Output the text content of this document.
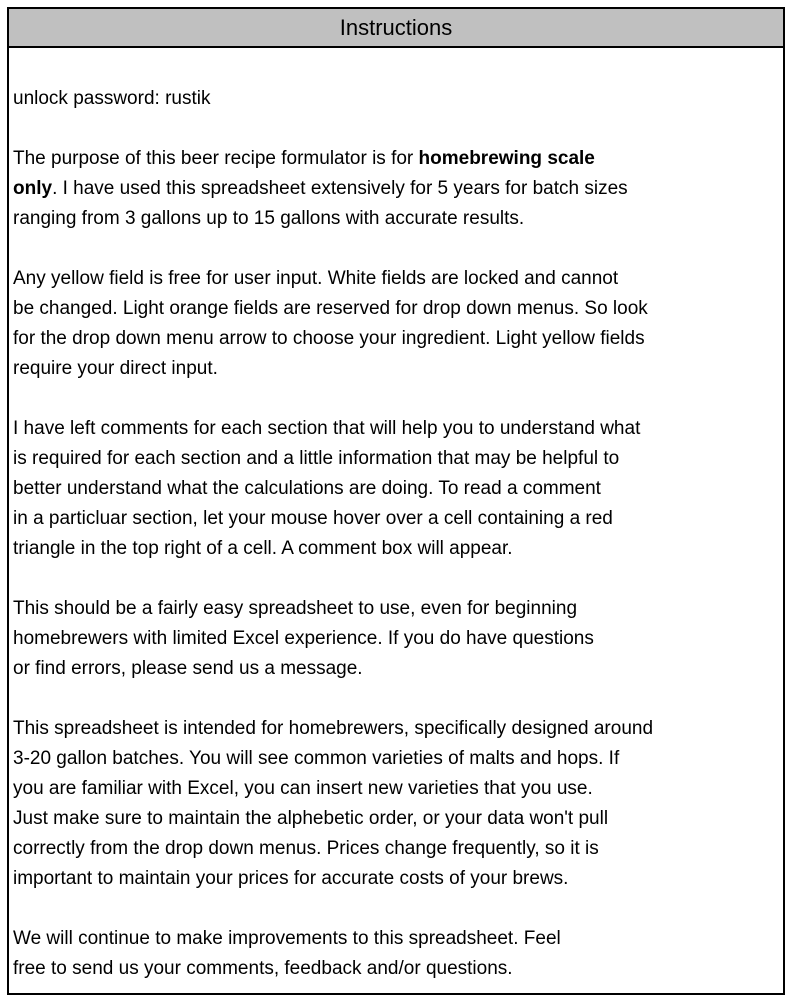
Instructions

unlock password: rustik

The purpose of this beer recipe formulator is for homebrewing scale
only. I have used this spreadsheet extensively for 5 years for batch sizes
ranging from 3 gallons up to 15 gallons with accurate results.

Any yellow field is free for user input. White fields are locked and cannot
be changed. Light orange fields are reserved for drop down menus. So look
for the drop down menu arrow to choose your ingredient. Light yellow fields
require your direct input.

I have left comments for each section that will help you to understand what
is required for each section and a little information that may be helpful to
better understand what the calculations are doing. To read a comment
in a particluar section, let your mouse hover over a cell containing a red
triangle in the top right of a cell. A comment box will appear.

This should be a fairly easy spreadsheet to use, even for beginning
homebrewers with limited Excel experience. If you do have questions
or find errors, please send us a message.

This spreadsheet is intended for homebrewers, specifically designed around
3-20 gallon batches. You will see common varieties of malts and hops. If
you are familiar with Excel, you can insert new varieties that you use.
Just make sure to maintain the alphebetic order, or your data won't pull
correctly from the drop down menus. Prices change frequently, so it is
important to maintain your prices for accurate costs of your brews.

We will continue to make improvements to this spreadsheet. Feel
free to send us your comments, feedback and/or questions.
